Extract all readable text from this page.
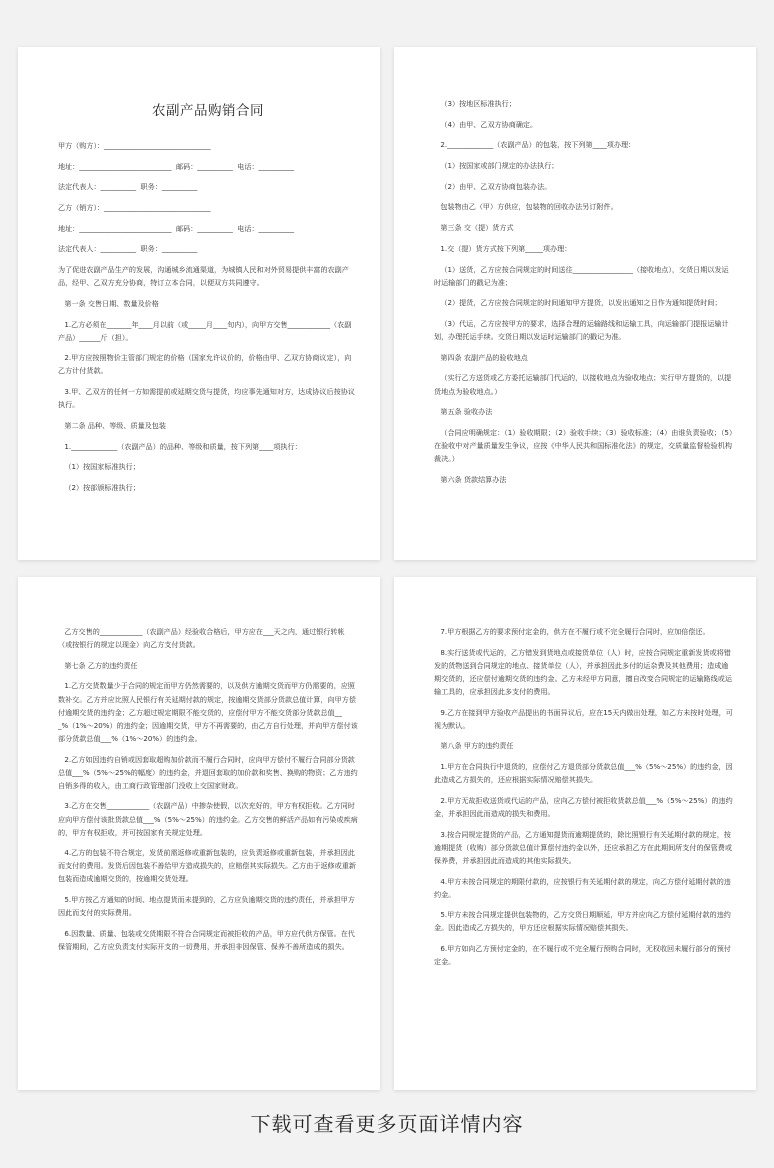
农副产品购销合同

甲方（购方）：______________________________

地址：__________________________  邮码：__________  电话：__________

法定代表人：__________  职务：__________

乙方（销方）：______________________________

地址：__________________________  邮码：__________  电话：__________

法定代表人：__________  职务：__________

为了促进农副产品生产的发展，沟通城乡流通渠道，为城镇人民和对外贸易提供丰富的农副产品，经甲、乙双方充分协商，特订立本合同，以便双方共同遵守。

第一条 交售日期、数量及价格

1.乙方必须在_______年____月以前（或_____月____旬内），向甲方交售____________（农副产品）______斤（担）。

2.甲方应按照物价主管部门规定的价格（国家允许议价的，价格由甲、乙双方协商议定），向乙方计付货款。

3.甲、乙双方的任何一方如需提前或延期交货与提货，均应事先通知对方，达成协议后按协议执行。

第二条 品种、等级、质量及包装

1._____________（农副产品）的品种、等级和质量，按下列第____项执行：

（1）按国家标准执行；

（2）按部颁标准执行；

（3）按地区标准执行；

（4）由甲、乙双方协商确定。

2._____________（农副产品）的包装，按下列第____项办理：

（1）按国家或部门规定的办法执行；

（2）由甲、乙双方协商包装办法。

包装物由乙（甲）方供应，包装物的回收办法另订附件。

第三条 交（提）货方式

1.交（提）货方式按下列第_____项办理：

（1）送货，乙方应按合同规定的时间送往_________________（接收地点），交货日期以发运时运输部门的戳记为准；

（2）提货，乙方应按合同规定的时间通知甲方提货，以发出通知之日作为通知提货时间；

（3）代运，乙方应按甲方的要求，选择合理的运输路线和运输工具，向运输部门提报运输计划，办理托运手续。交货日期以发运时运输部门的戳记为准。

第四条 农副产品的验收地点

（实行乙方送货或乙方委托运输部门代运的，以接收地点为验收地点；实行甲方提货的，以提货地点为验收地点。）

第五条 验收办法

（合同应明确规定：（1）验收期限；（2）验收手续；（3）验收标准；（4）由谁负责验收；（5）在验收中对产量质量发生争议，应按《中华人民共和国标准化法》的规定，交质量监督检验机构裁决。）

第六条 货款结算办法

乙方交售的____________（农副产品）经验收合格后，甲方应在___天之内，通过银行转帐（或按银行的规定以现金）向乙方支付货款。

第七条 乙方的违约责任

1.乙方交货数量少于合同的规定而甲方仍然需要的，以及供方逾期交货而甲方仍需要的，应照数补交。乙方并应比照人民银行有关延期付款的规定，按逾期交货部分货款总值计算，向甲方偿付逾期交货的违约金；乙方超过规定期限不能交货的，应偿付甲方不能交货部分货款总值___%（1%～20%）的违约金；因逾期交货，甲方不再需要的，由乙方自行处理，并向甲方偿付该部分货款总值___%（1%～20%）的违约金。

2.乙方如因违约自销或因套取超购加价款而不履行合同时，应向甲方偿付不履行合同部分货款总值___%（5%～25%的幅度）的违约金，并退回套取的加价款和奖售、换购的物资；乙方违约自销多得的收入，由工商行政管理部门没收上交国家财政。

3.乙方在交售____________（农副产品）中掺杂使假，以次充好的，甲方有权拒收。乙方同时应向甲方偿付该批货款总值___%（5%～25%）的违约金。乙方交售的鲜活产品如有污染或疾病的，甲方有权拒收，并可按国家有关规定处理。

4.乙方的包装不符合规定，发货前需返修或重新包装的，应负责返修或重新包装，并承担因此而支付的费用。发货后因包装不善给甲方造成损失的，应赔偿其实际损失。乙方由于返修或重新包装而造成逾期交货的，按逾期交货处理。

5.甲方按乙方通知的时间、地点提货而未提到的，乙方应负逾期交货的违约责任，并承担甲方因此而支付的实际费用。

6.因数量、质量、包装或交货期限不符合合同规定而被拒收的产品，甲方应代供方保管。在代保管期间，乙方应负责支付实际开支的一切费用，并承担非因保管、保养不善所造成的损失。

7.甲方根据乙方的要求预付定金的，供方在不履行或不完全履行合同时，应加倍偿还。

8.实行送货或代运的，乙方错发到货地点或接货单位（人）时，应按合同规定重新发货或将错发的货物送到合同规定的地点、接货单位（人），并承担因此多付的运杂费及其他费用；造成逾期交货的，还应偿付逾期交货的违约金。乙方未经甲方同意，擅自改变合同规定的运输路线或运输工具的，应承担因此多支付的费用。

9.乙方在接到甲方验收产品提出的书面异议后，应在15天内做出处理，如乙方未按时处理，可视为默认。

第八条 甲方的违约责任

1.甲方在合同执行中退货的，应偿付乙方退货部分货款总值___%（5%～25%）的违约金，因此造成乙方损失的，还应根据实际情况赔偿其损失。

2.甲方无故拒收送货或代运的产品，应向乙方偿付被拒收货款总值___%（5%～25%）的违约金，并承担因此而造成的损失和费用。

3.按合同规定提货的产品，乙方通知提货而逾期提货的，除比照银行有关延期付款的规定，按逾期提货（收购）部分货款总值计算偿付违约金以外，还应承担乙方在此期间所支付的保管费或保养费，并承担因此而造成的其他实际损失。

4.甲方未按合同规定的期限付款的，应按银行有关延期付款的规定，向乙方偿付延期付款的违约金。

5.甲方未按合同规定提供包装物的，乙方交货日期顺延，甲方并应向乙方偿付延期付款的违约金。因此造成乙方损失的，甲方还应根据实际情况赔偿其损失。

6.甲方如向乙方预付定金的，在不履行或不完全履行预购合同时，无权收回未履行部分的预付定金。

下载可查看更多页面详情内容
